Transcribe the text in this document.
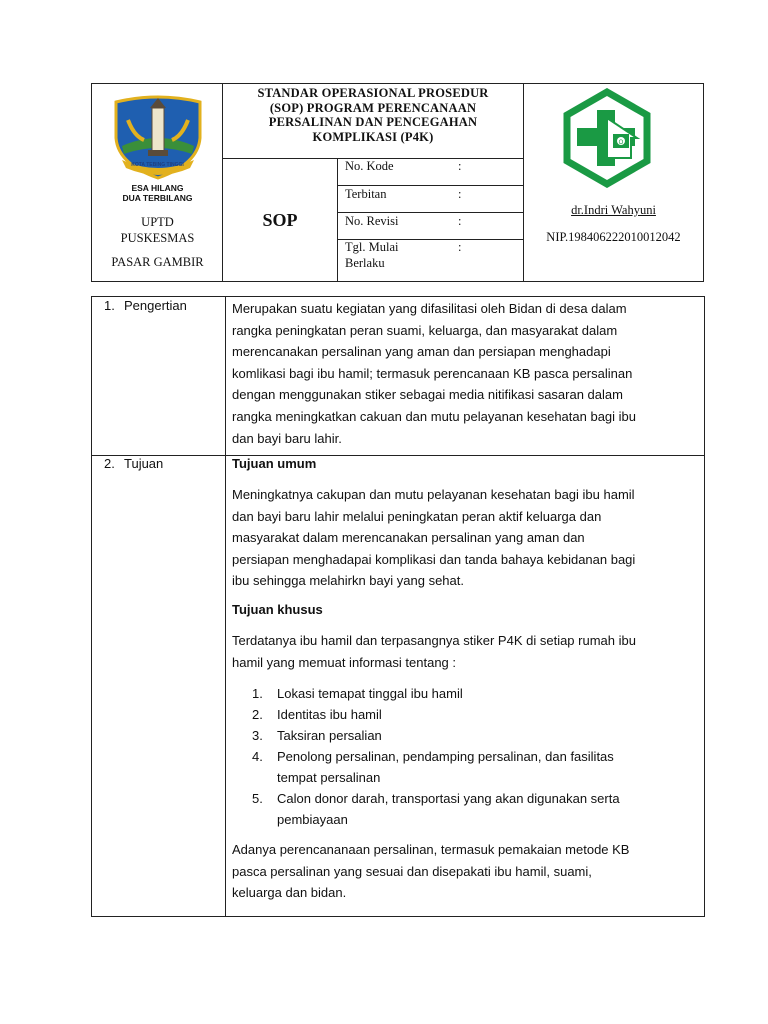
KOTA TEBING TINGGI
ESA HILANG
DUA TERBILANG
UPTD
PUSKESMAS
PASAR GAMBIR
STANDAR OPERASIONAL PROSEDUR
(SOP) PROGRAM PERENCANAAN
PERSALINAN DAN PENCEGAHAN
KOMPLIKASI (P4K)
SOP
No. Kode	:
Terbitan	:
No. Revisi	:
Tgl. Mulai
Berlaku
:
O
dr.Indri Wahyuni
NIP.198406222010012042
1. Pengertian	Merupakan suatu kegiatan yang difasilitasi oleh Bidan di desa dalam
rangka peningkatan peran suami, keluarga, dan masyarakat dalam
merencanakan persalinan yang aman dan persiapan menghadapi
komlikasi bagi ibu hamil; termasuk perencanaan KB pasca persalinan
dengan menggunakan stiker sebagai media nitifikasi sasaran dalam
rangka meningkatkan cakuan dan mutu pelayanan kesehatan bagi ibu
dan bayi baru lahir.
2. Tujuan	Tujuan umum
Meningkatnya cakupan dan mutu pelayanan kesehatan bagi ibu hamil
dan bayi baru lahir melalui peningkatan peran aktif keluarga dan
masyarakat dalam merencanakan persalinan yang aman dan
persiapan menghadapai komplikasi dan tanda bahaya kebidanan bagi
ibu sehingga melahirkn bayi yang sehat.
Tujuan khusus
Terdatanya ibu hamil dan terpasangnya stiker P4K di setiap rumah ibu
hamil yang memuat informasi tentang :
1. Lokasi temapat tinggal ibu hamil
2. Identitas ibu hamil
3. Taksiran persalian
4. Penolong persalinan, pendamping persalinan, dan fasilitas
tempat persalinan
5. Calon donor darah, transportasi yang akan digunakan serta
pembiayaan
Adanya perencananaan persalinan, termasuk pemakaian metode KB
pasca persalinan yang sesuai dan disepakati ibu hamil, suami,
keluarga dan bidan.
